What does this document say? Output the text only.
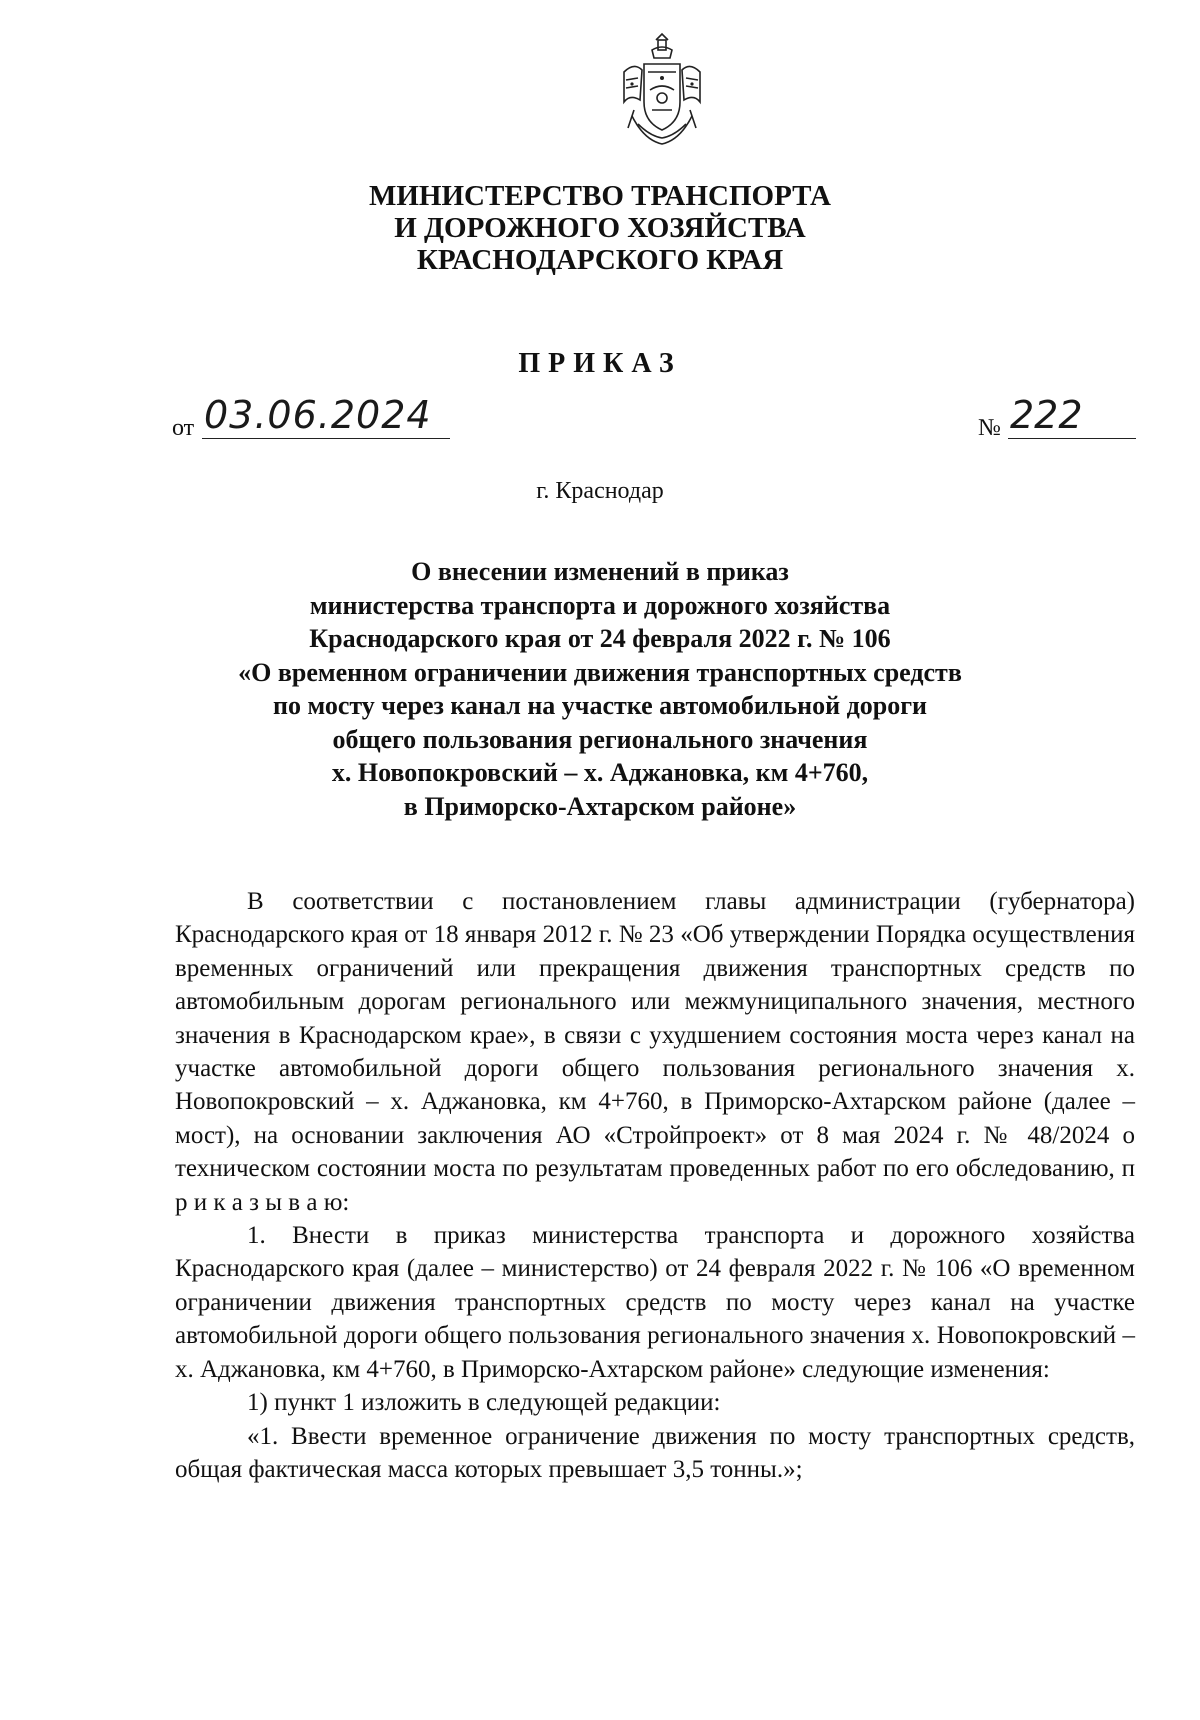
МИНИСТЕРСТВО ТРАНСПОРТА
И ДОРОЖНОГО ХОЗЯЙСТВА
КРАСНОДАРСКОГО КРАЯ
ПРИКАЗ
от 03.06.2024	№ 222
г. Краснодар
О внесении изменений в приказ
министерства транспорта и дорожного хозяйства
Краснодарского края от 24 февраля 2022 г. № 106
«О временном ограничении движения транспортных средств
по мосту через канал на участке автомобильной дороги
общего пользования регионального значения
х. Новопокровский – х. Аджановка, км 4+760,
в Приморско-Ахтарском районе»

В соответствии с постановлением главы администрации (губернатора) Краснодарского края от 18 января 2012 г. № 23 «Об утверждении Порядка осуществления временных ограничений или прекращения движения транспортных средств по автомобильным дорогам регионального или межмуниципального значения, местного значения в Краснодарском крае», в связи с ухудшением состояния моста через канал на участке автомобильной дороги общего пользования регионального значения х. Новопокровский – х. Аджановка, км 4+760, в Приморско-Ахтарском районе (далее – мост), на основании заключения АО «Стройпроект» от 8 мая 2024 г. № 48/2024 о техническом состоянии моста по результатам проведенных работ по его обследованию, п р и к а з ы в а ю:

1. Внести в приказ министерства транспорта и дорожного хозяйства Краснодарского края (далее – министерство) от 24 февраля 2022 г. № 106 «О временном ограничении движения транспортных средств по мосту через канал на участке автомобильной дороги общего пользования регионального значения х. Новопокровский – х. Аджановка, км 4+760, в Приморско-Ахтарском районе» следующие изменения:

1) пункт 1 изложить в следующей редакции:

«1. Ввести временное ограничение движения по мосту транспортных средств, общая фактическая масса которых превышает 3,5 тонны.»;
